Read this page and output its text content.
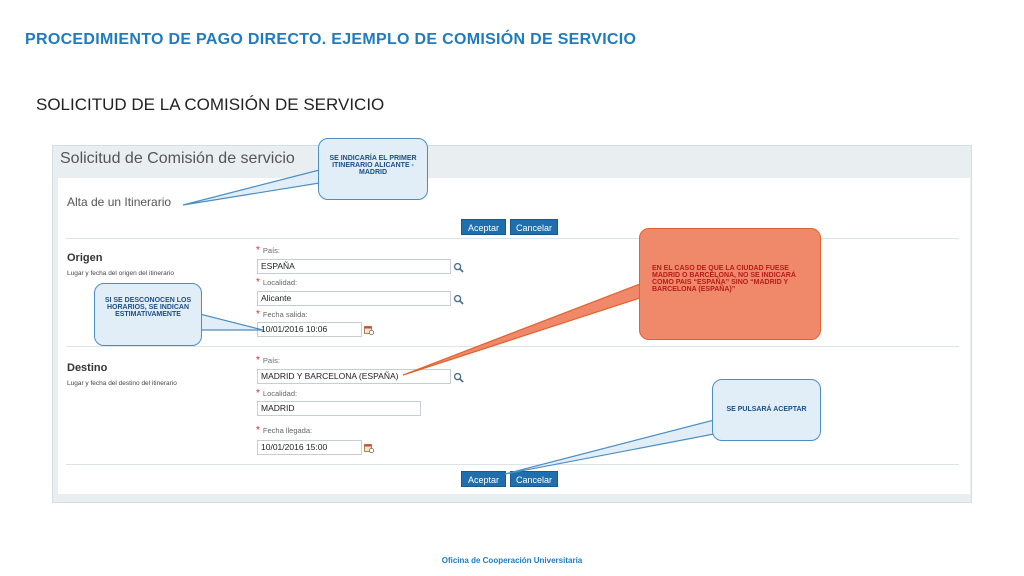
PROCEDIMIENTO DE PAGO DIRECTO. EJEMPLO DE COMISIÓN DE SERVICIO
SOLICITUD DE LA COMISIÓN DE SERVICIO
Solicitud de Comisión de servicio
Alta de un Itinerario
Aceptar	Cancelar
Origen
Lugar y fecha del origen del itinerario
* País:
ESPAÑA
* Localidad:
Alicante
* Fecha salida:
10/01/2016 10:06
Destino
Lugar y fecha del destino del itinerario
* País:
MADRID Y BARCELONA (ESPAÑA)
* Localidad:
MADRID
* Fecha llegada:
10/01/2016 15:00
Aceptar	Cancelar
SE INDICARÍA EL PRIMER ITINERARIO ALICANTE - MADRID
SI SE DESCONOCEN LOS HORARIOS, SE INDICAN ESTIMATIVAMENTE
EN EL CASO DE QUE LA CIUDAD FUESE MADRID O BARCELONA, NO SE INDICARÁ COMO PAIS “ESPAÑA” SINO “MADRID Y BARCELONA (ESPAÑA)”
SE PULSARÁ ACEPTAR
Oficina de Cooperación Universitaria
